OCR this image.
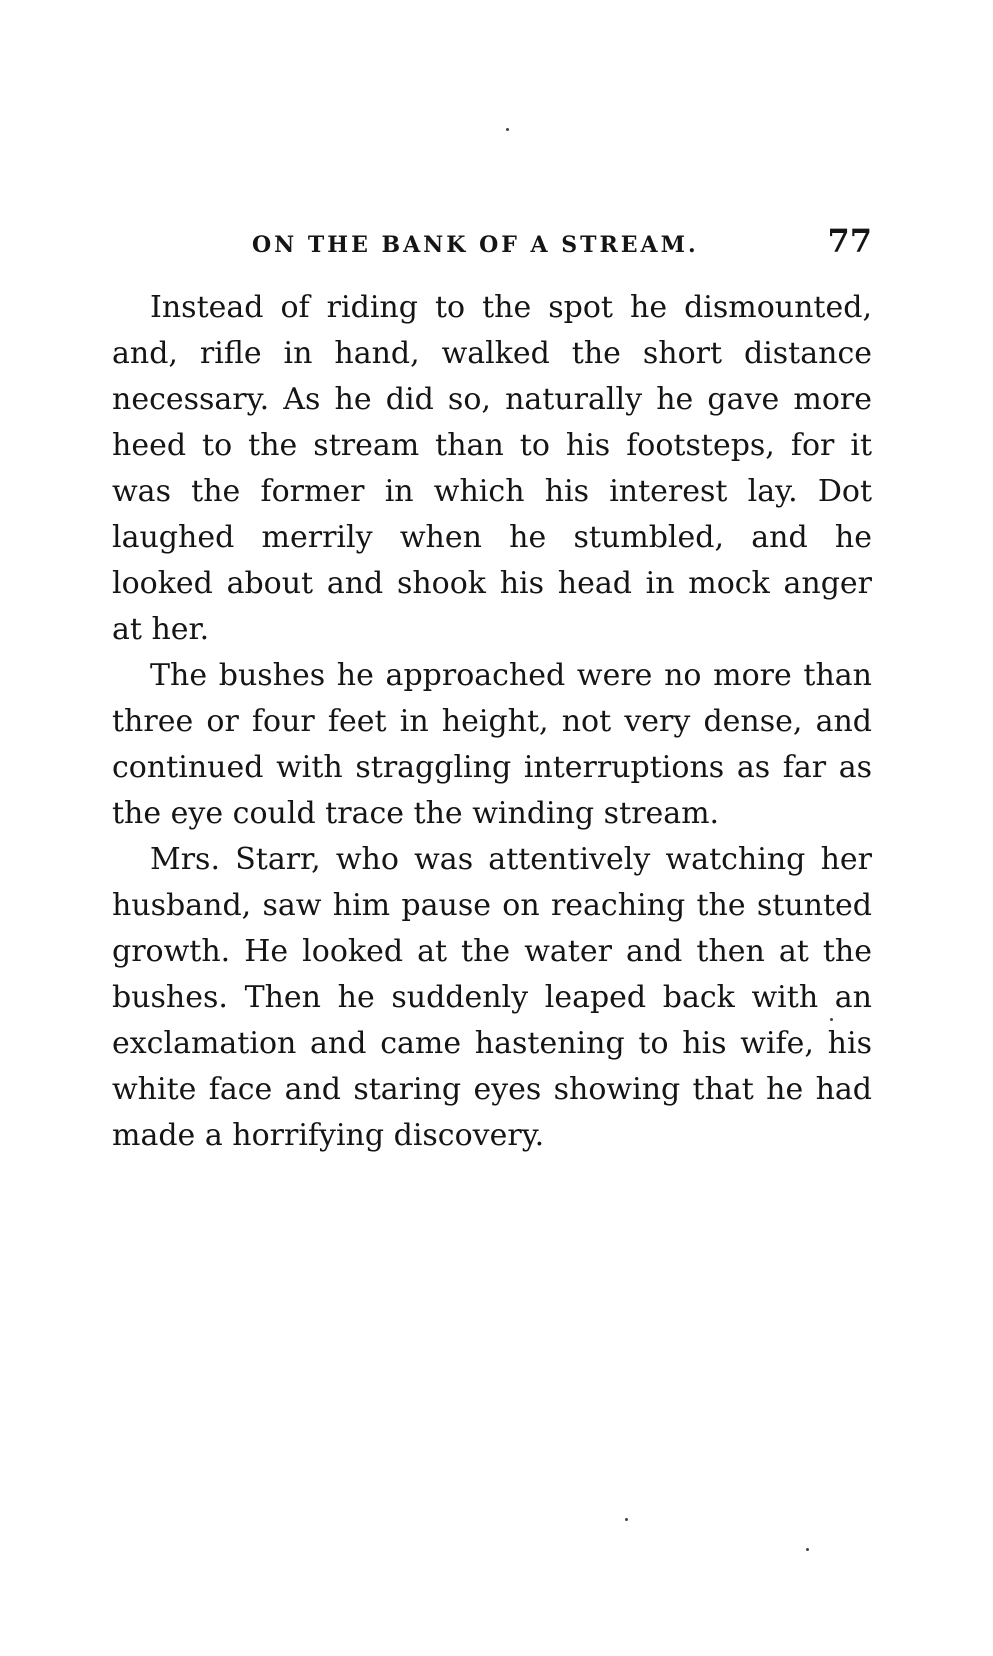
ON THE BANK OF A STREAM.	77

Instead of riding to the spot he dismounted, and, rifle in hand, walked the short distance necessary. As he did so, naturally he gave more heed to the stream than to his footsteps, for it was the former in which his interest lay. Dot laughed merrily when he stumbled, and he looked about and shook his head in mock anger at her.

The bushes he approached were no more than three or four feet in height, not very dense, and continued with straggling interruptions as far as the eye could trace the winding stream.

Mrs. Starr, who was attentively watching her husband, saw him pause on reaching the stunted growth. He looked at the water and then at the bushes. Then he suddenly leaped back with an exclamation and came hastening to his wife, his white face and staring eyes showing that he had made a horrifying discovery.
